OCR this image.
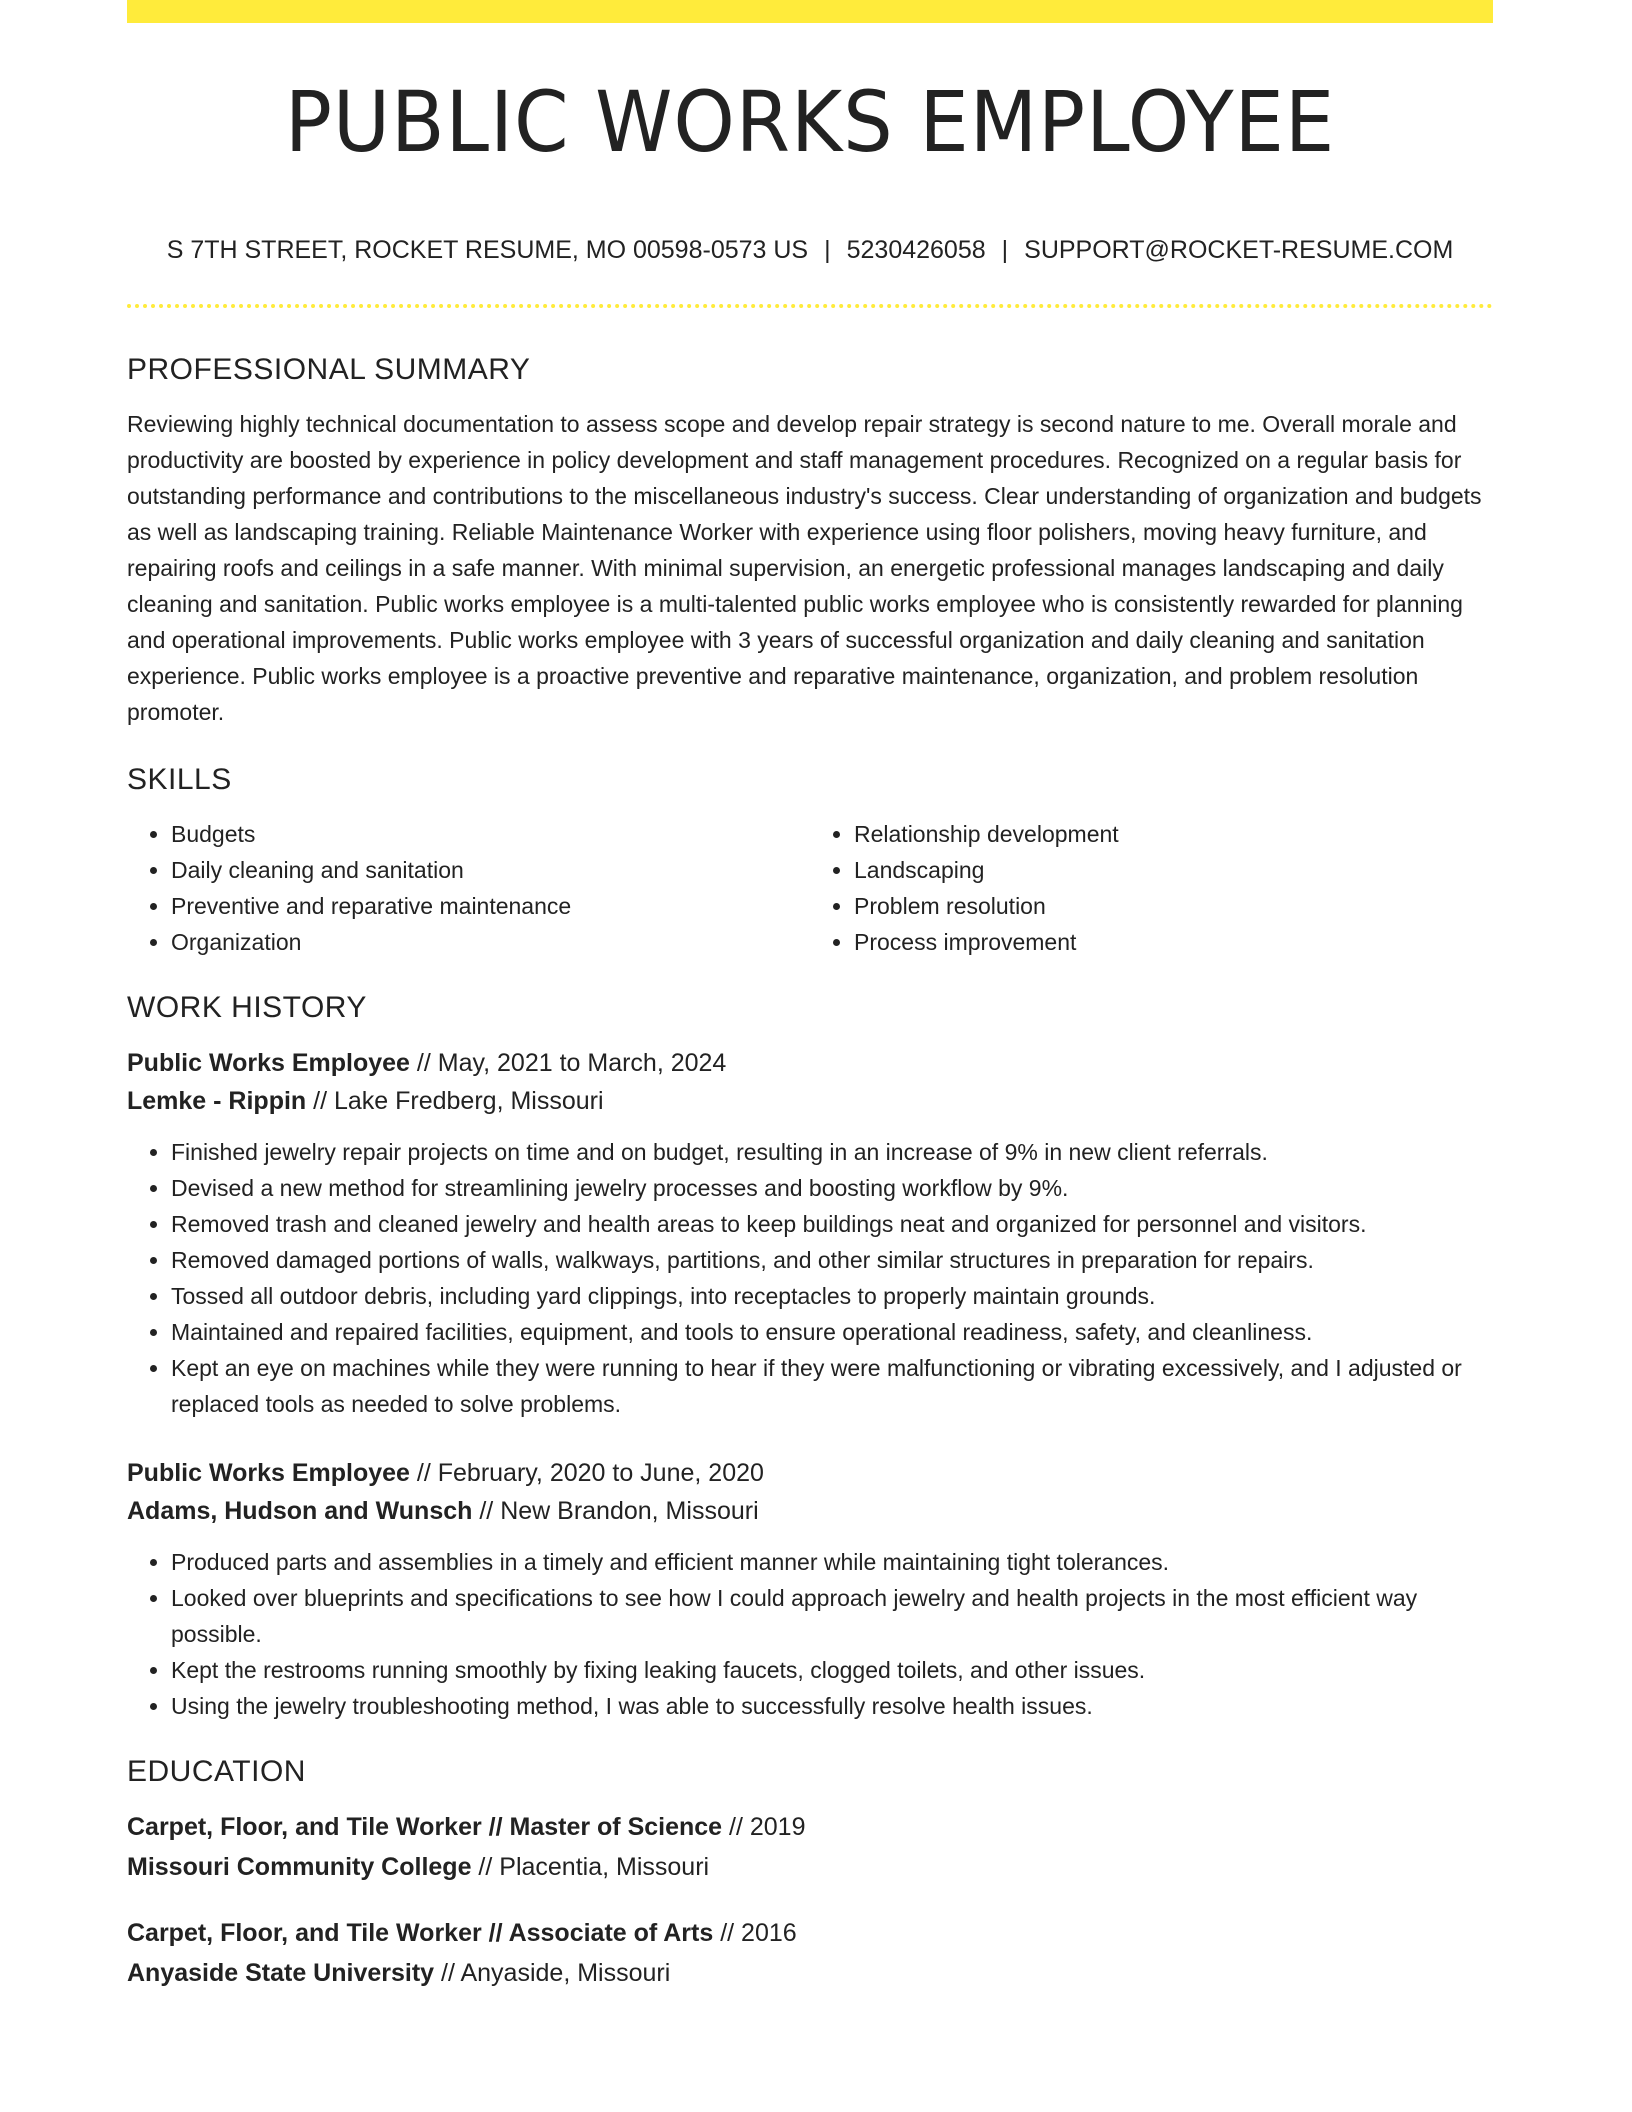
PUBLIC WORKS EMPLOYEE
S 7TH STREET, ROCKET RESUME, MO 00598-0573 US | 5230426058 | SUPPORT@ROCKET-RESUME.COM
PROFESSIONAL SUMMARY

Reviewing highly technical documentation to assess scope and develop repair strategy is second nature to me. Overall morale and productivity are boosted by experience in policy development and staff management procedures. Recognized on a regular basis for outstanding performance and contributions to the miscellaneous industry's success. Clear understanding of organization and budgets as well as landscaping training. Reliable Maintenance Worker with experience using floor polishers, moving heavy furniture, and repairing roofs and ceilings in a safe manner. With minimal supervision, an energetic professional manages landscaping and daily cleaning and sanitation. Public works employee is a multi-talented public works employee who is consistently rewarded for planning and operational improvements. Public works employee with 3 years of successful organization and daily cleaning and sanitation experience. Public works employee is a proactive preventive and reparative maintenance, organization, and problem resolution promoter.

SKILLS
• Budgets
• Daily cleaning and sanitation
• Preventive and reparative maintenance
• Organization
• Relationship development
• Landscaping
• Problem resolution
• Process improvement
WORK HISTORY
Public Works Employee // May, 2021 to March, 2024
Lemke - Rippin // Lake Fredberg, Missouri
• Finished jewelry repair projects on time and on budget, resulting in an increase of 9% in new client referrals.
• Devised a new method for streamlining jewelry processes and boosting workflow by 9%.
• Removed trash and cleaned jewelry and health areas to keep buildings neat and organized for personnel and visitors.
• Removed damaged portions of walls, walkways, partitions, and other similar structures in preparation for repairs.
• Tossed all outdoor debris, including yard clippings, into receptacles to properly maintain grounds.
• Maintained and repaired facilities, equipment, and tools to ensure operational readiness, safety, and cleanliness.
• Kept an eye on machines while they were running to hear if they were malfunctioning or vibrating excessively, and I adjusted or replaced tools as needed to solve problems.
Public Works Employee // February, 2020 to June, 2020
Adams, Hudson and Wunsch // New Brandon, Missouri
• Produced parts and assemblies in a timely and efficient manner while maintaining tight tolerances.
• Looked over blueprints and specifications to see how I could approach jewelry and health projects in the most efficient way possible.
• Kept the restrooms running smoothly by fixing leaking faucets, clogged toilets, and other issues.
• Using the jewelry troubleshooting method, I was able to successfully resolve health issues.
EDUCATION
Carpet, Floor, and Tile Worker // Master of Science // 2019
Missouri Community College // Placentia, Missouri
Carpet, Floor, and Tile Worker // Associate of Arts // 2016
Anyaside State University // Anyaside, Missouri
